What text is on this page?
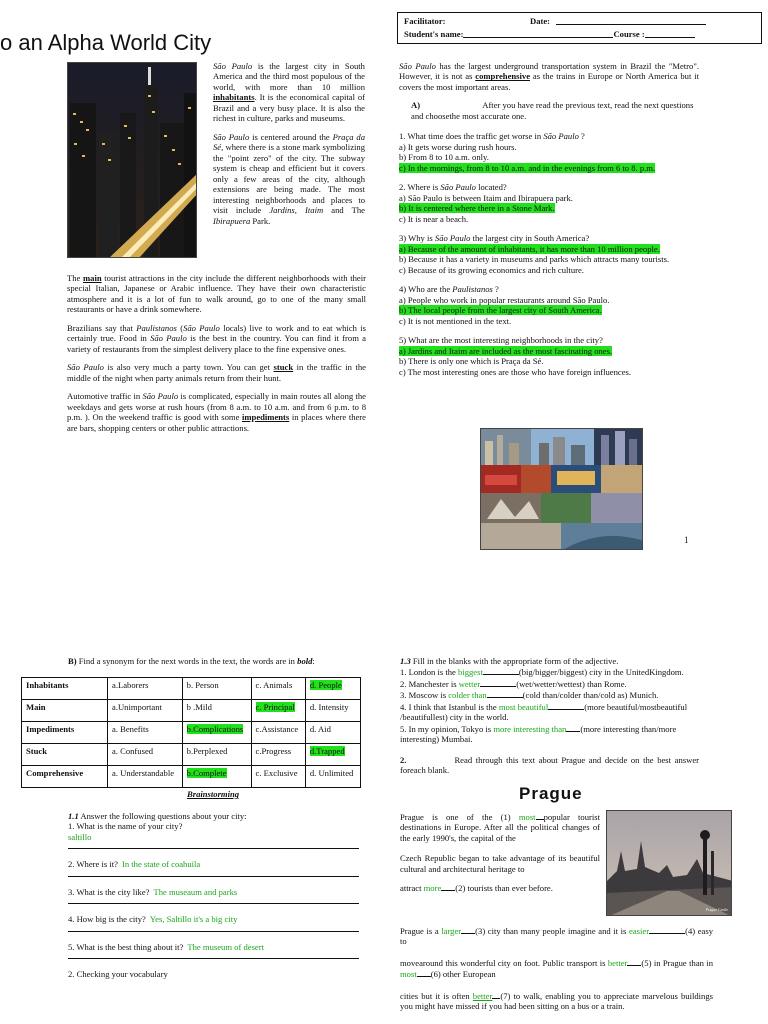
o an Alpha World City

São Paulo is the largest city in South America and the third most populous of the world, with more than 10 million inhabitants. It is the economical capital of Brazil and a very busy place. It is also the richest in culture, parks and museums.

São Paulo is centered around the Praça da Sé, where there is a stone mark symbolizing the "point zero" of the city. The subway system is cheap and efficient but it covers only a few areas of the city, although extensions are being made. The most interesting neighborhoods and places to visit include Jardins, Itaim and The Ibirapuera Park.

The main tourist attractions in the city include the different neighborhoods with their special Italian, Japanese or Arabic influence. They have their own characteristic atmosphere and it is a lot of fun to walk around, go to one of the many small restaurants or have a drink somewhere.

Brazilians say that Paulistanos (São Paulo locals) live to work and to eat which is certainly true. Food in São Paulo is the best in the country. You can find it from a variety of restaurants from the simplest delivery place to the fine expensive ones.

São Paulo is also very much a party town. You can get stuck in the traffic in the middle of the night when party animals return from their hunt.

Automotive traffic in São Paulo is complicated, especially in main routes all along the weekdays and gets worse at rush hours (from 8 a.m. to 10 a.m. and from 6 p.m. to 8 p.m. ). On the weekend traffic is good with some impediments in places where there are bars, shopping centers or other public attractions.

Facilitator:	Date:
Student's name:	Course :

São Paulo has the largest underground transportation system in Brazil the "Metro". However, it is not as comprehensive as the trains in Europe or North America but it covers the most important areas.

A)	After you have read the previous text, read the next questions and choosethe most accurate one.
1. What time does the traffic get worse in São Paulo ?
a) It gets worse during rush hours.
b) From 8 to 10 a.m. only.
c) In the mornings, from 8 to 10 a.m. and in the evenings from 6 to 8. p.m.
2. Where is São Paulo located?
a) São Paulo is between Itaim and Ibirapuera park.
b) It is centered where there in a Stone Mark.
c) It is near a beach.
3) Why is São Paulo the largest city in South America?
a) Because of the amount of inhabitants, it has more than 10 million people.
b) Because it has a variety in museums and parks which attracts many tourists.
c) Because of its growing economics and rich culture.
4) Who are the Paulistanos ?
a) People who work in popular restaurants around São Paulo.
b) The local people from the largest city of South America.
c) It is not mentioned in the text.
5) What are the most interesting neighborhoods in the city?
a) Jardins and Itaim are included as the most fascinating ones.
b) There is only one which is Praça da Sé.
c) The most interesting ones are those who have foreign influences.
1
B) Find a synonym for the next words in the text, the words are in bold:
Inhabitants	a.Laborers	b. Person	c. Animals	d. People
Main	a.Unimportant	b .Mild	c. Principal	d. Intensity
Impediments	a. Benefits	b.Complications	c.Assistance	d. Aid
Stuck	a. Confused	b.Perplexed	c.Progress	d.Trapped
Comprehensive	a. Understandable	b.Complete	c. Exclusive	d. Unlimited
Brainstorming
1.1 Answer the following questions about your city:
1. What is the name of your city?
saltillo
2. Where is it? In the state of coahuila
3. What is the city like? The museaum and parks
4. How big is the city? Yes, Saltillo it's a big city
5. What is the best thing about it? The museum of desert
2. Checking your vocabulary
1.3 Fill in the blanks with the appropriate form of the adjective.
1. London is the biggest	(big/bigger/biggest) city in the UnitedKingdom.
2. Manchester is wetter	(wet/wetter/wettest) than Rome.
3. Moscow is colder than	(cold than/colder than/cold as) Munich.
4. I think that Istanbul is the most beautiful	(more beautiful/mostbeautiful /beautifullest) city in the world.
5. In my opinion, Tokyo is more interesting than (more interesting than/more interesting) Mumbai.
2.	Read through this text about Prague and decide on the best answer foreach blank.
Prague
Prague is one of the (1) most popular tourist destinations in Europe. After all the political changes of the early 1990's, the capital of the
Czech Republic began to take advantage of its beautiful cultural and architectural heritage to
attract more (2) tourists than ever before.
Prague Castle
Prague is a larger (3) city than many people imagine and it is easier	(4) easy to
movearound this wonderful city on foot. Public transport is better (5) in Prague than in most (6) other European
cities but it is often better (7) to walk, enabling you to appreciate marvelous buildings you might have missed if you had been sitting on a bus or a train.
